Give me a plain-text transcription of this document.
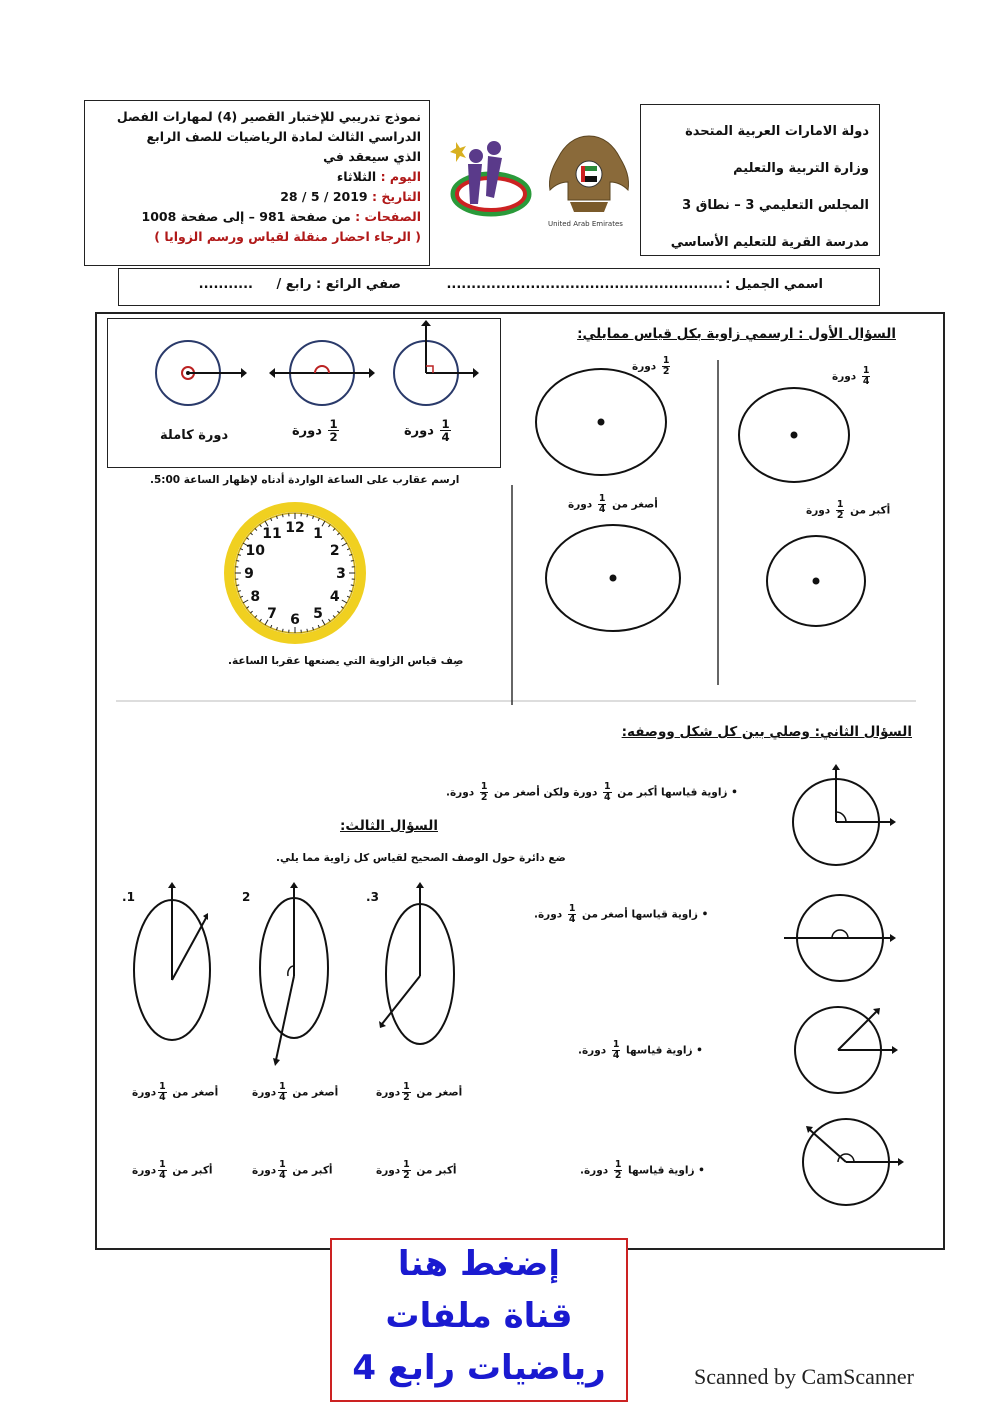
دولة الامارات العربية المتحدة
وزارة التربية والتعليم
المجلس التعليمي 3 – نطاق 3
مدرسة القرية للتعليم الأساسي
United Arab Emirates
نموذج تدريبي للإختبار القصير (4) لمهارات الفصل
الدراسي الثالث لمادة الرياضيات للصف الرابع
الذي سيعقد في
اليوم : الثلاثاء
التاريخ : 28 / 5 / 2019
الصفحات : من صفحة 981 – إلى صفحة 1008
( الرجاء احضار منقلة لقياس ورسم الزوايا )
اسمي الجميل :
........................................................
صفي الرائع : رابع /
...........
دورة كاملة	$\frac{1}{2}$
دورة	$\frac{1}{4}$
دورة
ارسم عقارب على الساعة الواردة أدناه لإظهار الساعة 5:00.
12 1
2
3
4
5
6
7
8
9
10
11
صِف قياس الزاوية التي يصنعها عقربا الساعة.
السؤال الأول : ارسمي زاوية بكل قياس ممايلي:
$\frac{1}{4}$
دورة
$\frac{1}{2}$
دورة
أكبر من
$\frac{1}{2}$
دورة
أصغر من
$\frac{1}{4}$
دورة
السؤال الثاني: وصلي بين كل شكل ووصفه:
• زاوية قياسها أكبر من
$\frac{1}{4}$
دورة ولكن أصغر من
$\frac{1}{2}$
دورة.
• زاوية قياسها أصغر من
$\frac{1}{4}$
دورة.
• زاوية قياسها
$\frac{1}{4}$
دورة.
• زاوية قياسها
$\frac{1}{2}$
دورة.
السؤال الثالث:
ضع دائرة حول الوصف الصحيح لقياس كل زاوية مما يلي.
1.	2	3.
أصغر من
$\frac{1}{4}$
دورة	أصغر من
$\frac{1}{4}$
دورة	أصغر من
$\frac{1}{2}$
دورة
أكبر من
$\frac{1}{4}$
دورة	أكبر من
$\frac{1}{4}$
دورة	أكبر من
$\frac{1}{2}$
دورة
إضغط هنا
قناة ملفات
رياضيات رابع 4	Scanned by CamScanner
